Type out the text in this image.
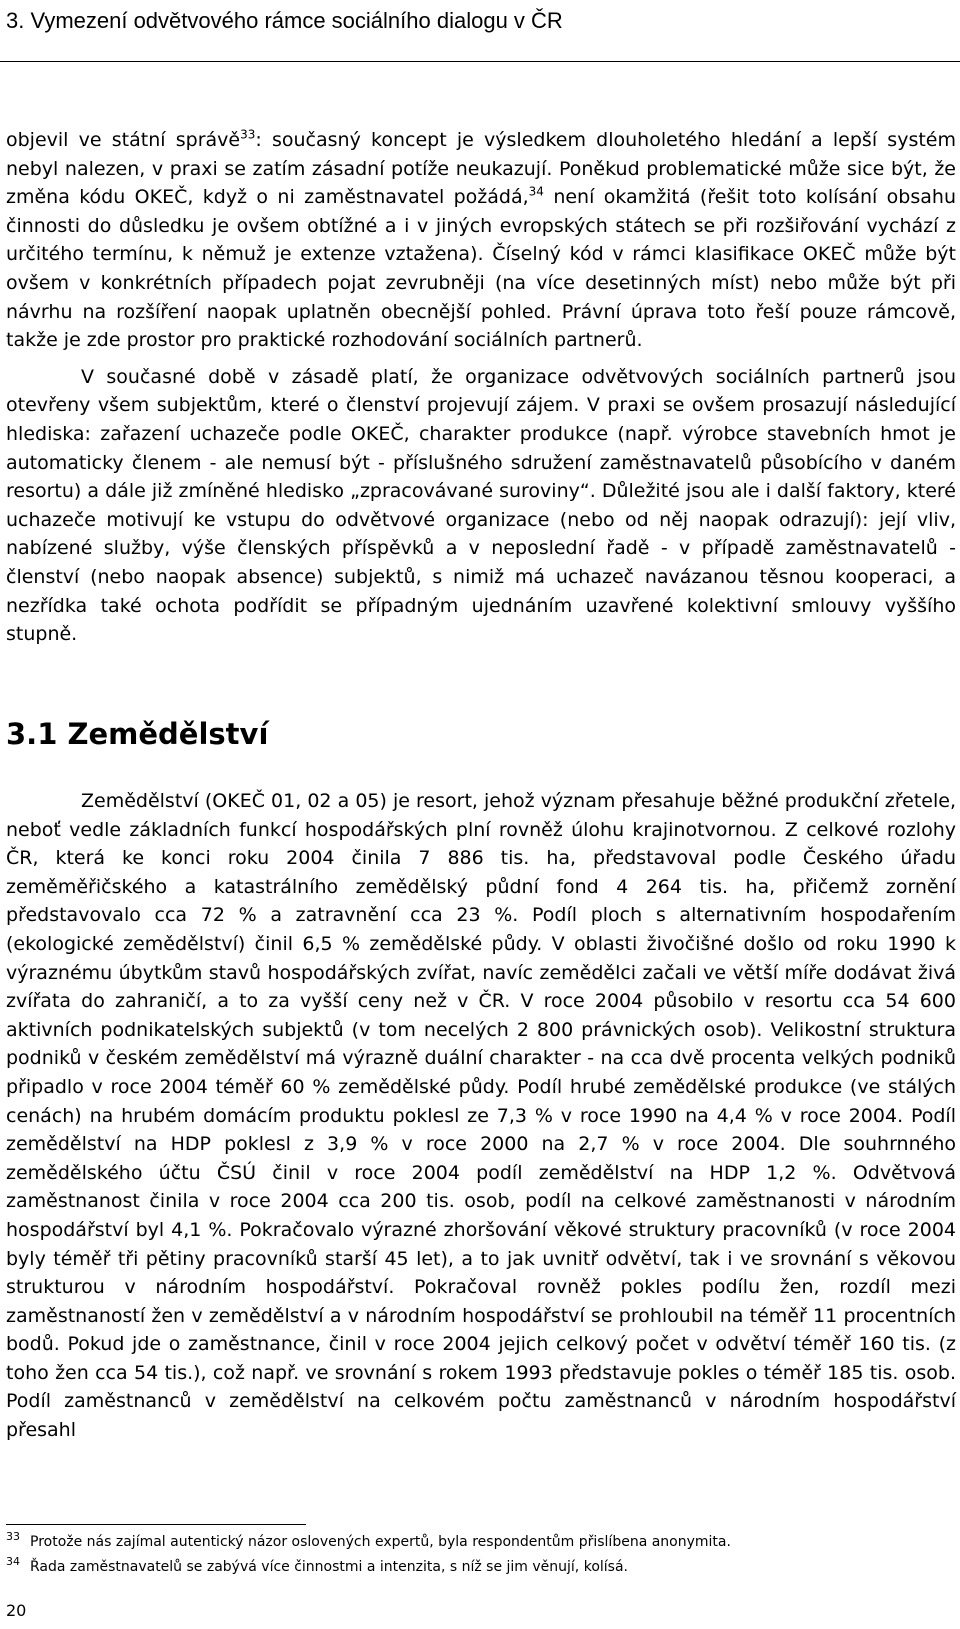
3. Vymezení odvětvového rámce sociálního dialogu v ČR

objevil ve státní správě$^{33}$: současný koncept je výsledkem dlouholetého hledání a lepší systém nebyl nalezen, v praxi se zatím zásadní potíže neukazují. Poněkud problematické může sice být, že změna kódu OKEČ, když o ni zaměstnavatel požádá,$^{34}$ není okamžitá (řešit toto kolísání obsahu činnosti do důsledku je ovšem obtížné a i v jiných evropských státech se při rozšiřování vychází z určitého termínu, k němuž je extenze vztažena). Číselný kód v rámci klasifikace OKEČ může být ovšem v konkrétních případech pojat zevrubněji (na více desetinných míst) nebo může být při návrhu na rozšíření naopak uplatněn obecnější pohled. Právní úprava toto řeší pouze rámcově, takže je zde prostor pro praktické rozhodování sociálních partnerů.

V současné době v zásadě platí, že organizace odvětvových sociálních partnerů jsou otevřeny všem subjektům, které o členství projevují zájem. V praxi se ovšem prosazují následující hlediska: zařazení uchazeče podle OKEČ, charakter produkce (např. výrobce stavebních hmot je automaticky členem - ale nemusí být - příslušného sdružení zaměstnavatelů působícího v daném resortu) a dále již zmíněné hledisko „zpracovávané suroviny“. Důležité jsou ale i další faktory, které uchazeče motivují ke vstupu do odvětvové organizace (nebo od něj naopak odrazují): její vliv, nabízené služby, výše členských příspěvků a v neposlední řadě - v případě zaměstnavatelů - členství (nebo naopak absence) subjektů, s nimiž má uchazeč navázanou těsnou kooperaci, a nezřídka také ochota podřídit se případným ujednáním uzavřené kolektivní smlouvy vyššího stupně.

3.1 Zemědělství

Zemědělství (OKEČ 01, 02 a 05) je resort, jehož význam přesahuje běžné produkční zřetele, neboť vedle základních funkcí hospodářských plní rovněž úlohu krajinotvornou. Z celkové rozlohy ČR, která ke konci roku 2004 činila 7 886 tis. ha, představoval podle Českého úřadu zeměměřičského a katastrálního zemědělský půdní fond 4 264 tis. ha, přičemž zornění představovalo cca 72 % a zatravnění cca 23 %. Podíl ploch s alternativním hospodařením (ekologické zemědělství) činil 6,5 % zemědělské půdy. V oblasti živočišné došlo od roku 1990 k výraznému úbytkům stavů hospodářských zvířat, navíc zemědělci začali ve větší míře dodávat živá zvířata do zahraničí, a to za vyšší ceny než v ČR. V roce 2004 působilo v resortu cca 54 600 aktivních podnikatelských subjektů (v tom necelých 2 800 právnických osob). Velikostní struktura podniků v českém zemědělství má výrazně duální charakter - na cca dvě procenta velkých podniků připadlo v roce 2004 téměř 60 % zemědělské půdy. Podíl hrubé zemědělské produkce (ve stálých cenách) na hrubém domácím produktu poklesl ze 7,3 % v roce 1990 na 4,4 % v roce 2004. Podíl zemědělství na HDP poklesl z 3,9 % v roce 2000 na 2,7 % v roce 2004. Dle souhrnného zemědělského účtu ČSÚ činil v roce 2004 podíl zemědělství na HDP 1,2 %. Odvětvová zaměstnanost činila v roce 2004 cca 200 tis. osob, podíl na celkové zaměstnanosti v národním hospodářství byl 4,1 %. Pokračovalo výrazné zhoršování věkové struktury pracovníků (v roce 2004 byly téměř tři pětiny pracovníků starší 45 let), a to jak uvnitř odvětví, tak i ve srovnání s věkovou strukturou v národním hospodářství. Pokračoval rovněž pokles podílu žen, rozdíl mezi zaměstnaností žen v zemědělství a v národním hospodářství se prohloubil na téměř 11 procentních bodů. Pokud jde o zaměstnance, činil v roce 2004 jejich celkový počet v odvětví téměř 160 tis. (z toho žen cca 54 tis.), což např. ve srovnání s rokem 1993 představuje pokles o téměř 185 tis. osob. Podíl zaměstnanců v zemědělství na celkovém počtu zaměstnanců v národním hospodářství přesahl

33 Protože nás zajímal autentický názor oslovených expertů, byla respondentům přislíbena anonymita.
34 Řada zaměstnavatelů se zabývá více činnostmi a intenzita, s níž se jim věnují, kolísá.
20
